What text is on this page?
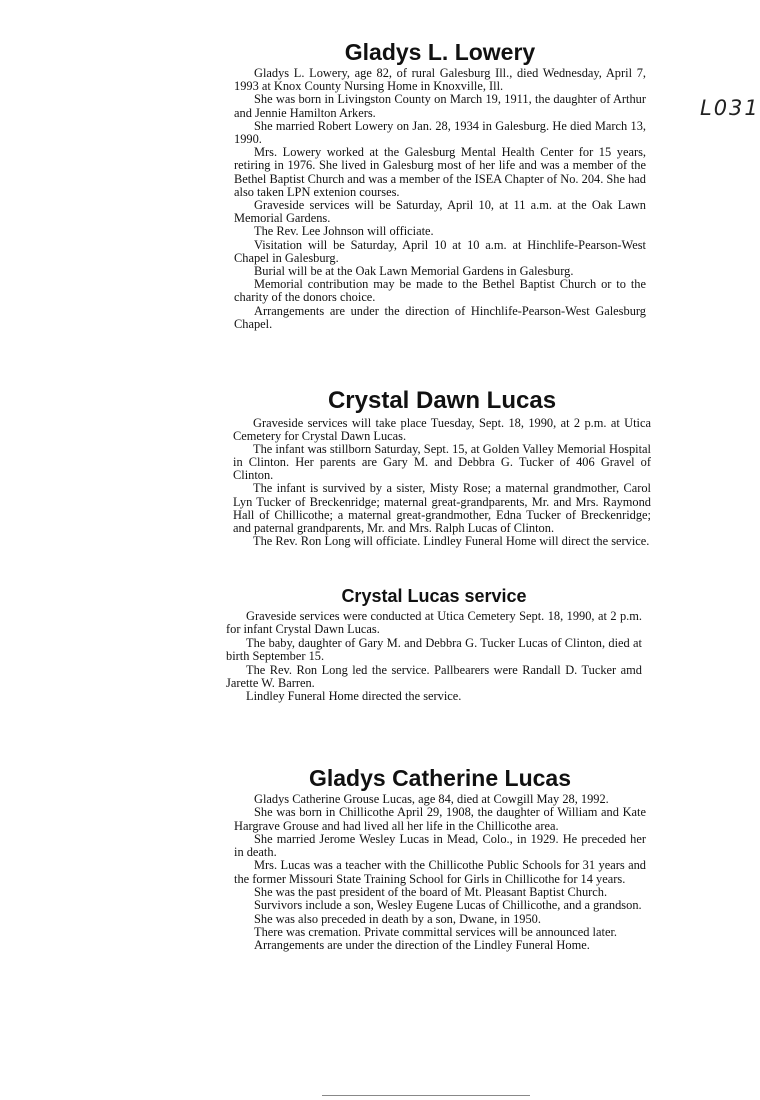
L031
Gladys L. Lowery

Gladys L. Lowery, age 82, of rural Galesburg Ill., died Wednesday, April 7, 1993 at Knox County Nursing Home in Knoxville, Ill.

She was born in Livingston County on March 19, 1911, the daughter of Arthur and Jennie Hamilton Arkers.

She married Robert Lowery on Jan. 28, 1934 in Galesburg. He died March 13, 1990.

Mrs. Lowery worked at the Galesburg Mental Health Center for 15 years, retiring in 1976. She lived in Galesburg most of her life and was a member of the Bethel Baptist Church and was a member of the ISEA Chapter of No. 204. She had also taken LPN extenion courses.

Graveside services will be Saturday, April 10, at 11 a.m. at the Oak Lawn Memorial Gardens.

The Rev. Lee Johnson will officiate.

Visitation will be Saturday, April 10 at 10 a.m. at Hinchlife-Pearson-West Chapel in Galesburg.

Burial will be at the Oak Lawn Memorial Gardens in Galesburg.

Memorial contribution may be made to the Bethel Baptist Church or to the charity of the donors choice.

Arrangements are under the direction of Hinchlife-Pearson-West Galesburg Chapel.

Crystal Dawn Lucas

Graveside services will take place Tuesday, Sept. 18, 1990, at 2 p.m. at Utica Cemetery for Crystal Dawn Lucas.

The infant was stillborn Saturday, Sept. 15, at Golden Valley Memorial Hospital in Clinton. Her parents are Gary M. and Debbra G. Tucker of 406 Gravel of Clinton.

The infant is survived by a sister, Misty Rose; a maternal grandmother, Carol Lyn Tucker of Breckenridge; maternal great-grandparents, Mr. and Mrs. Raymond Hall of Chillicothe; a maternal great-grandmother, Edna Tucker of Breckenridge; and paternal grandparents, Mr. and Mrs. Ralph Lucas of Clinton.

The Rev. Ron Long will officiate. Lindley Funeral Home will direct the service.

Crystal Lucas service

Graveside services were conducted at Utica Cemetery Sept. 18, 1990, at 2 p.m. for infant Crystal Dawn Lucas.

The baby, daughter of Gary M. and Debbra G. Tucker Lucas of Clinton, died at birth September 15.

The Rev. Ron Long led the service. Pallbearers were Randall D. Tucker amd Jarette W. Barren.

Lindley Funeral Home directed the service.

Gladys Catherine Lucas

Gladys Catherine Grouse Lucas, age 84, died at Cowgill May 28, 1992.

She was born in Chillicothe April 29, 1908, the daughter of William and Kate Hargrave Grouse and had lived all her life in the Chillicothe area.

She married Jerome Wesley Lucas in Mead, Colo., in 1929. He preceded her in death.

Mrs. Lucas was a teacher with the Chillicothe Public Schools for 31 years and the former Missouri State Training School for Girls in Chillicothe for 14 years.

She was the past president of the board of Mt. Pleasant Baptist Church.

Survivors include a son, Wesley Eugene Lucas of Chillicothe, and a grandson.

She was also preceded in death by a son, Dwane, in 1950.

There was cremation. Private committal services will be announced later.

Arrangements are under the direction of the Lindley Funeral Home.
